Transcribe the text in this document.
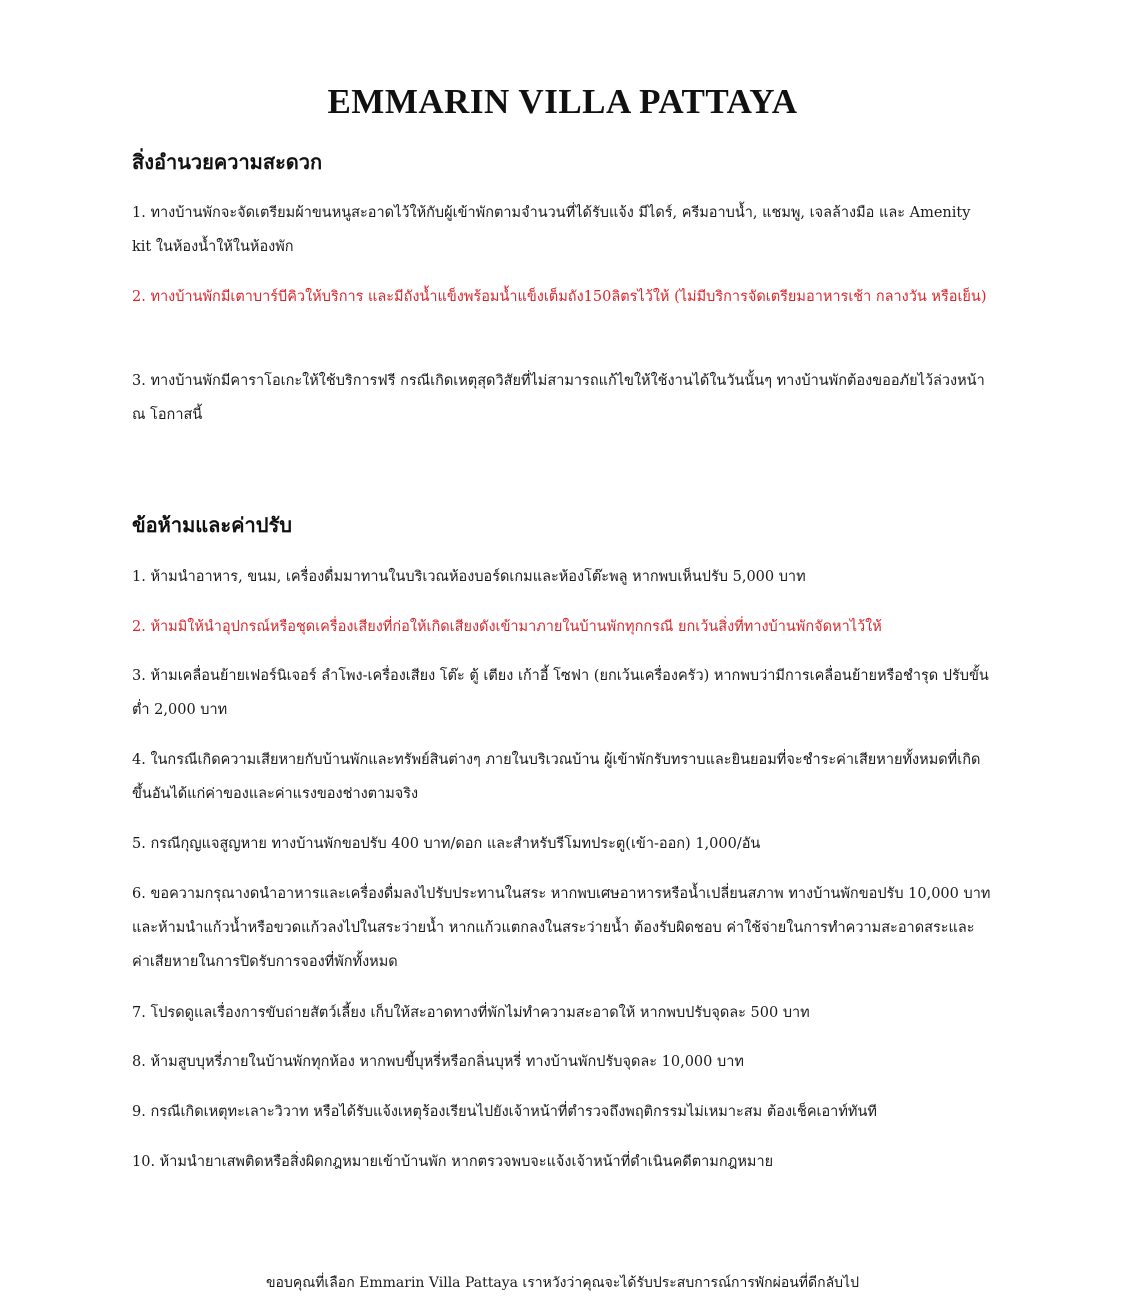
EMMARIN VILLA PATTAYA
สิ่งอำนวยความสะดวก
1. ทางบ้านพักจะจัดเตรียมผ้าขนหนูสะอาดไว้ให้กับผู้เข้าพักตามจำนวนที่ได้รับแจ้ง มีไดร์, ครีมอาบน้ำ, แชมพู, เจลล้างมือ และ Amenity kit ในห้องน้ำให้ในห้องพัก
2. ทางบ้านพักมีเตาบาร์บีคิวให้บริการ และมีถังน้ำแข็งพร้อมน้ำแข็งเต็มถัง150ลิตรไว้ให้ (ไม่มีบริการจัดเตรียมอาหารเช้า กลางวัน หรือเย็น)
3. ทางบ้านพักมีคาราโอเกะให้ใช้บริการฟรี กรณีเกิดเหตุสุดวิสัยที่ไม่สามารถแก้ไขให้ใช้งานได้ในวันนั้นๆ ทางบ้านพักต้องขออภัยไว้ล่วงหน้า ณ โอกาสนี้
ข้อห้ามและค่าปรับ
1. ห้ามนำอาหาร, ขนม, เครื่องดื่มมาทานในบริเวณห้องบอร์ดเกมและห้องโต๊ะพลู หากพบเห็นปรับ 5,000 บาท
2. ห้ามมิให้นำอุปกรณ์หรือชุดเครื่องเสียงที่ก่อให้เกิดเสียงดังเข้ามาภายในบ้านพักทุกกรณี ยกเว้นสิ่งที่ทางบ้านพักจัดหาไว้ให้
3. ห้ามเคลื่อนย้ายเฟอร์นิเจอร์ ลำโพง-เครื่องเสียง โต๊ะ ตู้ เตียง เก้าอี้ โซฟา (ยกเว้นเครื่องครัว) หากพบว่ามีการเคลื่อนย้ายหรือชำรุด ปรับขั้นต่ำ 2,000 บาท
4. ในกรณีเกิดความเสียหายกับบ้านพักและทรัพย์สินต่างๆ ภายในบริเวณบ้าน ผู้เข้าพักรับทราบและยินยอมที่จะชำระค่าเสียหายทั้งหมดที่เกิดขึ้นอันได้แก่ค่าของและค่าแรงของช่างตามจริง
5. กรณีกุญแจสูญหาย ทางบ้านพักขอปรับ 400 บาท/ดอก และสำหรับรีโมทประตู(เข้า-ออก) 1,000/อัน
6. ขอความกรุณางดนำอาหารและเครื่องดื่มลงไปรับประทานในสระ หากพบเศษอาหารหรือน้ำเปลี่ยนสภาพ ทางบ้านพักขอปรับ 10,000 บาท และห้ามนำแก้วน้ำหรือขวดแก้วลงไปในสระว่ายน้ำ หากแก้วแตกลงในสระว่ายน้ำ ต้องรับผิดชอบ ค่าใช้จ่ายในการทำความสะอาดสระและค่าเสียหายในการปิดรับการจองที่พักทั้งหมด
7. โปรดดูแลเรื่องการขับถ่ายสัตว์เลี้ยง เก็บให้สะอาดทางที่พักไม่ทำความสะอาดให้ หากพบปรับจุดละ 500 บาท
8. ห้ามสูบบุหรี่ภายในบ้านพักทุกห้อง หากพบขี้บุหรี่หรือกลิ่นบุหรี่ ทางบ้านพักปรับจุดละ 10,000 บาท
9. กรณีเกิดเหตุทะเลาะวิวาท หรือได้รับแจ้งเหตุร้องเรียนไปยังเจ้าหน้าที่ตำรวจถึงพฤติกรรมไม่เหมาะสม ต้องเช็คเอาท์ทันที
10. ห้ามนำยาเสพติดหรือสิ่งผิดกฎหมายเข้าบ้านพัก หากตรวจพบจะแจ้งเจ้าหน้าที่ดำเนินคดีตามกฎหมาย
ขอบคุณที่เลือก Emmarin Villa Pattaya เราหวังว่าคุณจะได้รับประสบการณ์การพักผ่อนที่ดีกลับไป
